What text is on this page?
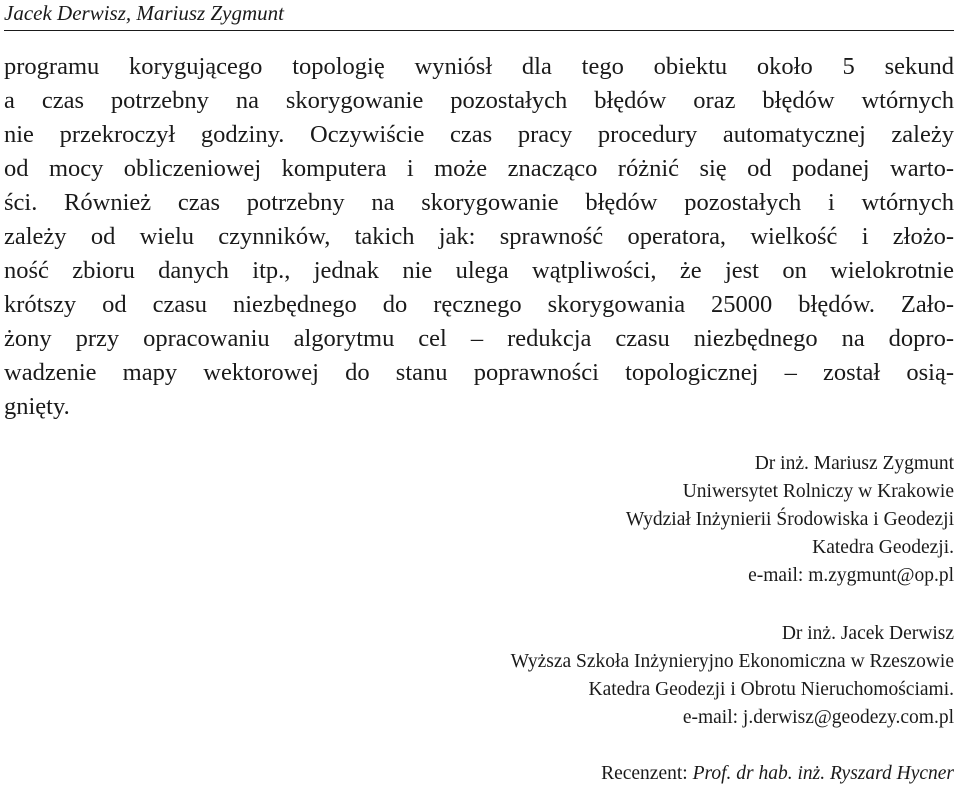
Jacek Derwisz, Mariusz Zygmunt
programu korygującego topologię wyniósł dla tego obiektu około 5 sekund
a czas potrzebny na skorygowanie pozostałych błędów oraz błędów wtórnych
nie przekroczył godziny. Oczywiście czas pracy procedury automatycznej zależy
od mocy obliczeniowej komputera i może znacząco różnić się od podanej warto-
ści. Również czas potrzebny na skorygowanie błędów pozostałych i wtórnych
zależy od wielu czynników, takich jak: sprawność operatora, wielkość i złożo-
ność zbioru danych itp., jednak nie ulega wątpliwości, że jest on wielokrotnie
krótszy od czasu niezbędnego do ręcznego skorygowania 25000 błędów. Zało-
żony przy opracowaniu algorytmu cel – redukcja czasu niezbędnego na dopro-
wadzenie mapy wektorowej do stanu poprawności topologicznej – został osią-
gnięty.
Dr inż. Mariusz Zygmunt
Uniwersytet Rolniczy w Krakowie
Wydział Inżynierii Środowiska i Geodezji
Katedra Geodezji.
e-mail: m.zygmunt@op.pl
Dr inż. Jacek Derwisz
Wyższa Szkoła Inżynieryjno Ekonomiczna w Rzeszowie
Katedra Geodezji i Obrotu Nieruchomościami.
e-mail: j.derwisz@geodezy.com.pl
Recenzent: Prof. dr hab. inż. Ryszard Hycner
